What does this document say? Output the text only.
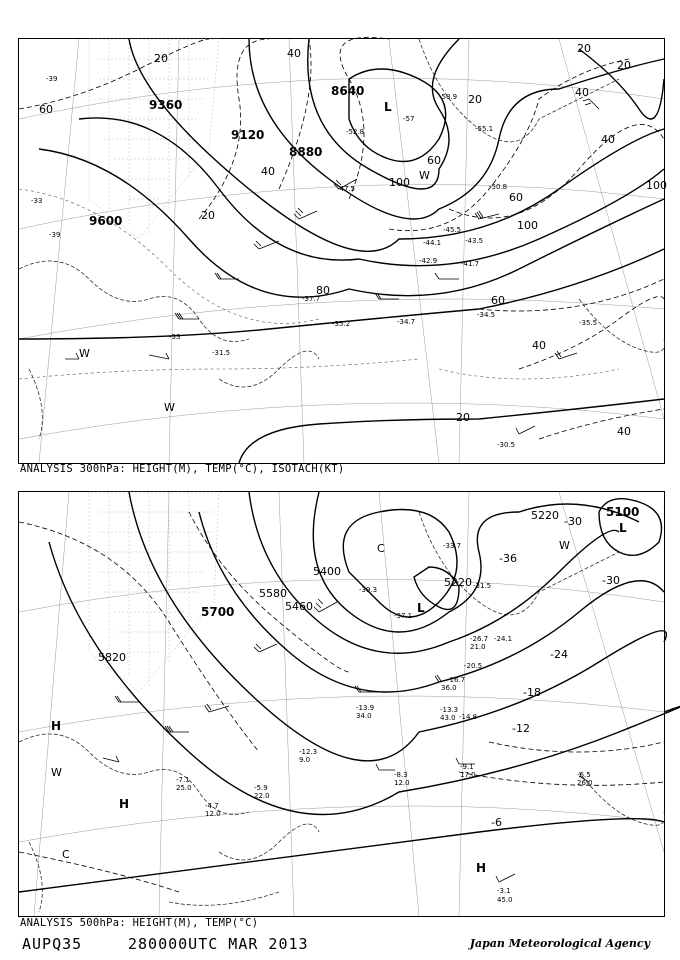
9360
9120
8880
8640
9600
20
20
20
20
20
20
40
40
40
40
40
40
60
60
60
60
80
100
100
100
-30.5
-34.5
-35.5
-41.7
-43.5
-45.5
-50.8
-34.7
-31.5
-35.2
-37.7
-42.9
-44.1
-47.5
-52.8	-55.1
-57
-58.9
-39
-33
-39
-33
L
W
W
W
ANALYSIS 300hPa: HEIGHT(M), TEMP(°C), ISOTACH(KT)
5100
5220
5220
5400
5580
5700
5820
5460
-30
-36
-30
-24
-18
-12
-6
L
L
H
H
H
C
C
W
W
-3.1
45.0
-6.5
26.0
-9.1
17.0
-8.3
12.0
-13.3
43.0
-16.7
36.0
-14.8
-20.5
-26.7 -24.1
21.0
-33.7
-37.1
-39.3	-31.5
-4.7
12.0
-7.1
25.0	-5.9
22.0
-13.9
34.0
-12.3
9.0
ANALYSIS 500hPa: HEIGHT(M), TEMP(°C)
AUPQ35	280000UTC MAR 2013	Japan Meteorological Agency
